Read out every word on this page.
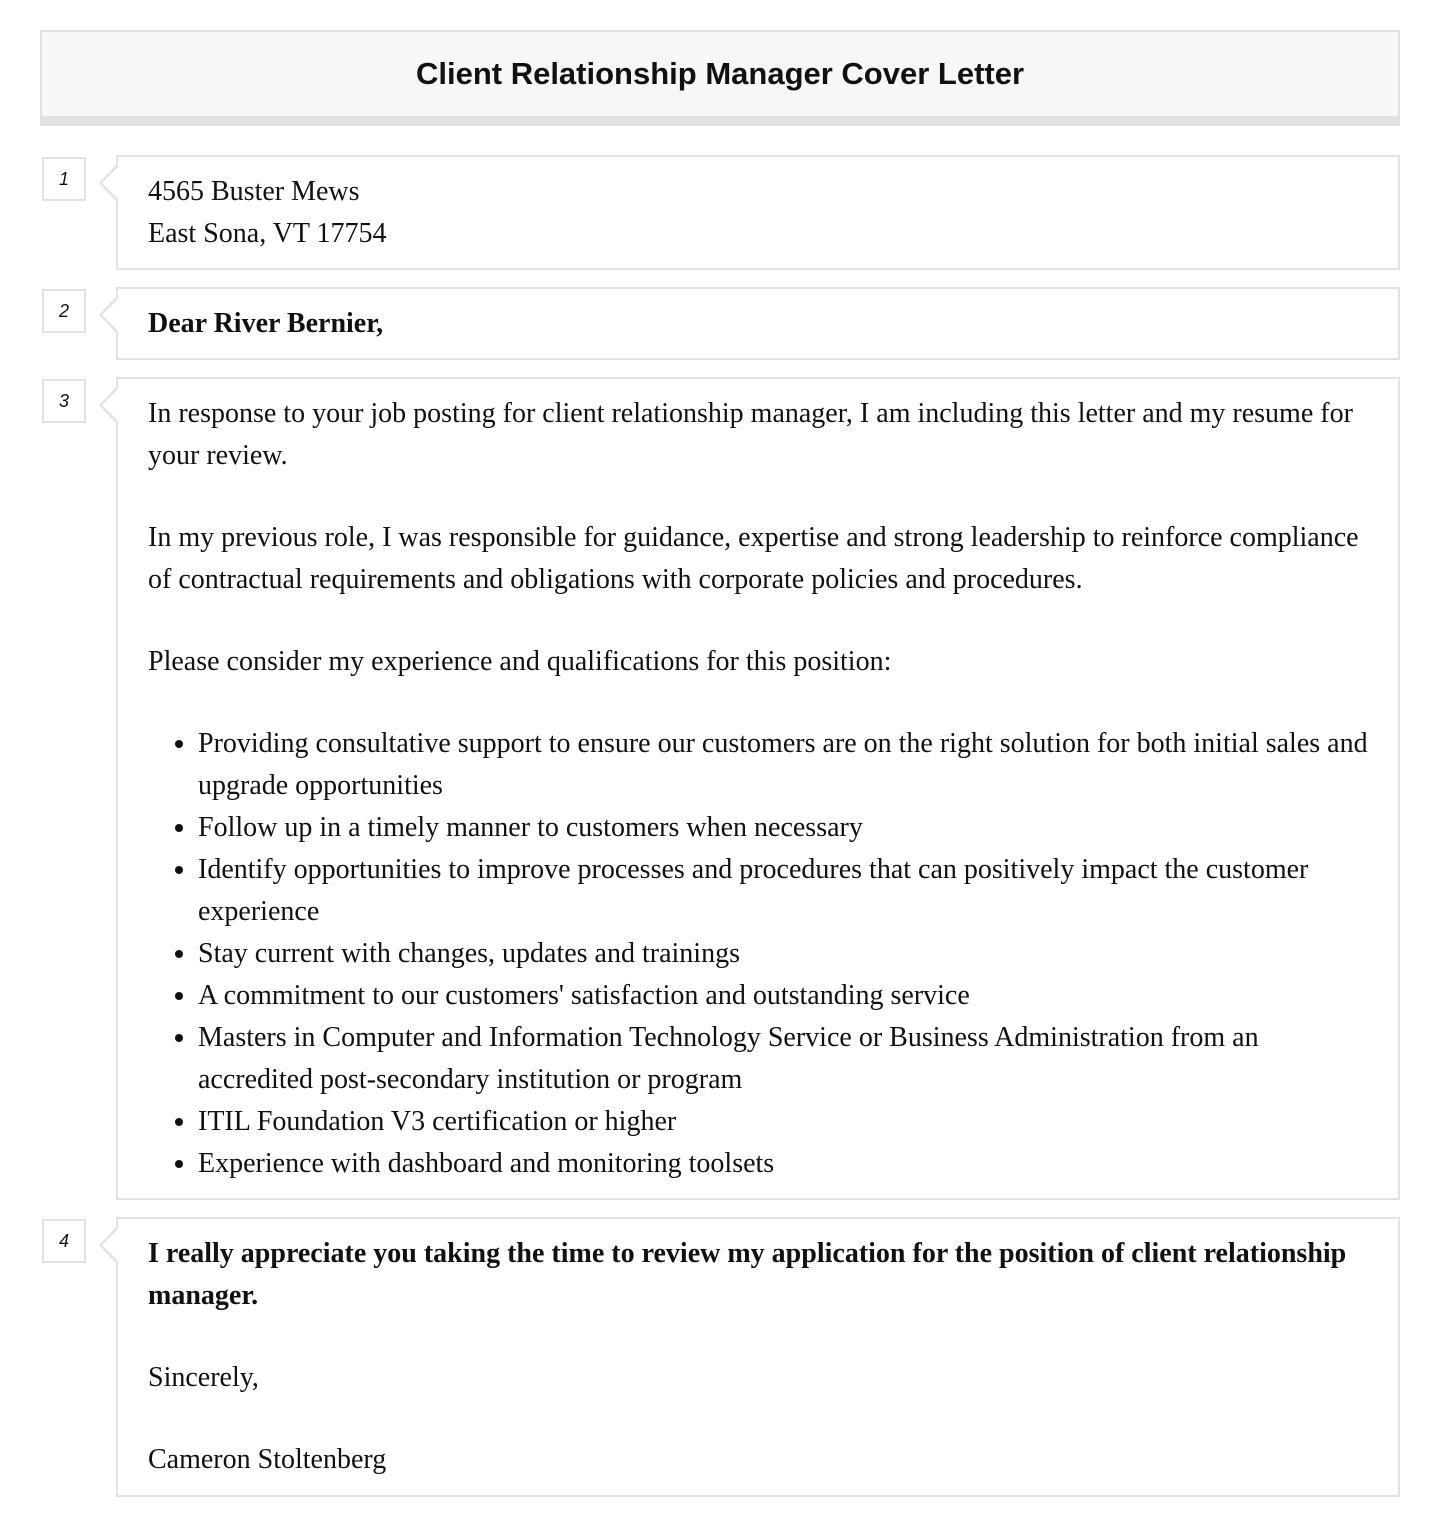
Client Relationship Manager Cover Letter
1	4565 Buster Mews

East Sona, VT 17754

2	Dear River Bernier,

3	In response to your job posting for client relationship manager, I am including this letter and my resume for your review.

In my previous role, I was responsible for guidance, expertise and strong leadership to reinforce compliance of contractual requirements and obligations with corporate policies and procedures.

Please consider my experience and qualifications for this position:

• Providing consultative support to ensure our customers are on the right solution for both initial sales and upgrade opportunities
• Follow up in a timely manner to customers when necessary
• Identify opportunities to improve processes and procedures that can positively impact the customer experience
• Stay current with changes, updates and trainings
• A commitment to our customers' satisfaction and outstanding service
• Masters in Computer and Information Technology Service or Business Administration from an accredited post-secondary institution or program
• ITIL Foundation V3 certification or higher
• Experience with dashboard and monitoring toolsets
4	I really appreciate you taking the time to review my application for the position of client relationship manager.

Sincerely,

Cameron Stoltenberg
